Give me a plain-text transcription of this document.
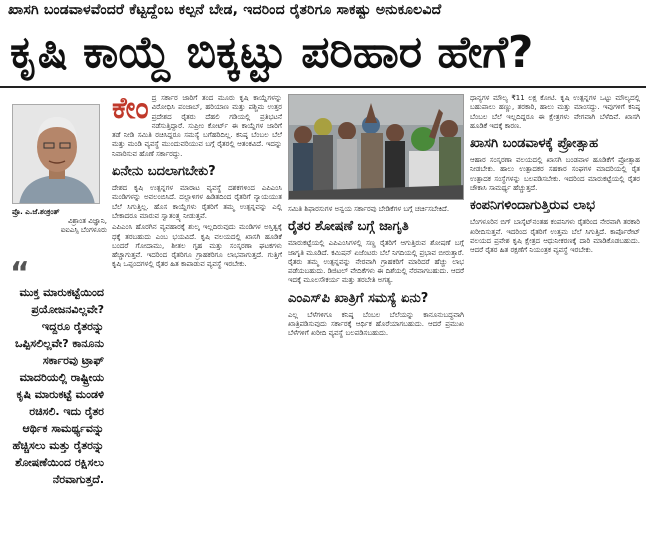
ಖಾಸಗಿ ಬಂಡವಾಳವೆಂದರೆ ಕೆಟ್ಟದ್ದೆಂಬ ಕಲ್ಪನೆ ಬೇಡ, ಇದರಿಂದ ರೈತರಿಗೂ ಸಾಕಷ್ಟು ಅನುಕೂಲವಿದೆ
ಕೃಷಿ ಕಾಯ್ದೆ ಬಿಕ್ಕಟ್ಟು ಪರಿಹಾರ ಹೇಗೆ?
ಪ್ರೊ. ಎ.ಜೆ.ಶಂಕ್ರಂತ್
ವಿಶ್ರಾಂತ ವಿಜ್ಞಾನಿ,
ಐಐಎಸ್ಸಿ ಬೆಂಗಳೂರು
“
ಮುಕ್ತ ಮಾರುಕಟ್ಟೆಯಿಂದ ಪ್ರಯೋಜನವಿಲ್ಲವೇ? ಇದ್ದರೂ ರೈತರನ್ನು ಒಪ್ಪಿಸಲಿಲ್ಲವೇ? ಕಾನೂನು ಸರ್ಕಾರವು ಟ್ರಾಫ್ ಮಾದರಿಯಲ್ಲಿ ರಾಷ್ಟ್ರೀಯ ಕೃಷಿ ಮಾರುಕಟ್ಟೆ ಮಂಡಳಿ ರಚಿಸಲಿ. ಇದು ರೈತರ ಆರ್ಥಿಕ ಸಾಮರ್ಥ್ಯವನ್ನು ಹೆಚ್ಚಿಸಲು ಮತ್ತು ರೈತರನ್ನು ಶೋಷಣೆಯಿಂದ ರಕ್ಷಿಸಲು ನೆರವಾಗುತ್ತದೆ.
ಕೇಂ ದ್ರ ಸರ್ಕಾರ ಜಾರಿಗೆ ತಂದ ಮೂರು ಕೃಷಿ ಕಾಯ್ದೆಗಳನ್ನು ವಿರೋಧಿಸಿ ಪಂಜಾಬ್, ಹರಿಯಾಣ ಮತ್ತು ಪಶ್ಚಿಮ ಉತ್ತರ ಪ್ರದೇಶದ ರೈತರು ದೆಹಲಿ ಗಡಿಯಲ್ಲಿ ಪ್ರತಿಭಟನೆ ನಡೆಸುತ್ತಿದ್ದಾರೆ. ಸುಪ್ರೀಂ ಕೋರ್ಟ್ ಈ ಕಾಯ್ದೆಗಳ ಜಾರಿಗೆ ತಡೆ ನೀಡಿ ಸಮಿತಿ ರಚಿಸಿದ್ದರೂ ಸಮಸ್ಯೆ ಬಗೆಹರಿದಿಲ್ಲ. ಕನಿಷ್ಠ ಬೆಂಬಲ ಬೆಲೆ ಮತ್ತು ಮಂಡಿ ವ್ಯವಸ್ಥೆ ಮುಂದುವರಿಯುವ ಬಗ್ಗೆ ರೈತರಲ್ಲಿ ಆತಂಕವಿದೆ. ಇದನ್ನು ನಿವಾರಿಸುವ ಹೊಣೆ ಸರ್ಕಾರದ್ದು.
ಏನೇನು ಬದಲಾಗಬೇಕು?
ದೇಶದ ಕೃಷಿ ಉತ್ಪನ್ನಗಳ ಮಾರಾಟ ವ್ಯವಸ್ಥೆ ದಶಕಗಳಿಂದ ಎಪಿಎಂಸಿ ಮಂಡಿಗಳನ್ನು ಅವಲಂಬಿಸಿದೆ. ದಲ್ಲಾಳಿಗಳ ಹಿಡಿತದಿಂದ ರೈತರಿಗೆ ನ್ಯಾಯಯುತ ಬೆಲೆ ಸಿಗುತ್ತಿಲ್ಲ. ಹೊಸ ಕಾಯ್ದೆಗಳು ರೈತರಿಗೆ ತಮ್ಮ ಉತ್ಪನ್ನವನ್ನು ಎಲ್ಲಿ ಬೇಕಾದರೂ ಮಾರುವ ಸ್ವಾತಂತ್ರ್ಯ ನೀಡುತ್ತವೆ.
ಎಪಿಎಂಸಿ ಹೊರಗಿನ ವ್ಯವಹಾರಕ್ಕೆ ಶುಲ್ಕ ಇಲ್ಲದಿರುವುದು ಮಂಡಿಗಳ ಅಸ್ತಿತ್ವಕ್ಕೆ ಧಕ್ಕೆ ತರಬಹುದು ಎಂಬ ಭಯವಿದೆ. ಕೃಷಿ ವಲಯದಲ್ಲಿ ಖಾಸಗಿ ಹೂಡಿಕೆ ಬಂದರೆ ಗೋದಾಮು, ಶೀತಲ ಗೃಹ ಮತ್ತು ಸಂಸ್ಕರಣಾ ಘಟಕಗಳು ಹೆಚ್ಚಾಗುತ್ತವೆ. ಇದರಿಂದ ರೈತರಿಗೂ ಗ್ರಾಹಕರಿಗೂ ಲಾಭವಾಗುತ್ತದೆ. ಗುತ್ತಿಗೆ ಕೃಷಿ ಒಪ್ಪಂದಗಳಲ್ಲಿ ರೈತರ ಹಿತ ಕಾಪಾಡುವ ವ್ಯವಸ್ಥೆ ಇರಬೇಕು.
ಸಮಿತಿ ಶಿಫಾರಸುಗಳ ಅನ್ವಯ ಸರ್ಕಾರವು ಬೇಡಿಕೆಗಳ ಬಗ್ಗೆ ಚರ್ಚಿಸಬೇಕಿದೆ.
ರೈತರ ಶೋಷಣೆ ಬಗ್ಗೆ ಜಾಗೃತಿ
ಮಾರುಕಟ್ಟೆಯಲ್ಲಿ ಎಪಿಎಂಸಿಗಳಲ್ಲಿ ಸಣ್ಣ ರೈತರಿಗೆ ಆಗುತ್ತಿರುವ ಶೋಷಣೆ ಬಗ್ಗೆ ಜಾಗೃತಿ ಮೂಡಿದೆ. ಕಮಿಷನ್ ಏಜೆಂಟರು ಬೆಲೆ ನಿಗದಿಯಲ್ಲಿ ಪ್ರಭಾವ ಬೀರುತ್ತಾರೆ. ರೈತರು ತಮ್ಮ ಉತ್ಪನ್ನವನ್ನು ನೇರವಾಗಿ ಗ್ರಾಹಕರಿಗೆ ಮಾರಿದರೆ ಹೆಚ್ಚು ಲಾಭ ಪಡೆಯಬಹುದು. ಡಿಜಿಟಲ್ ವೇದಿಕೆಗಳು ಈ ದಿಶೆಯಲ್ಲಿ ನೆರವಾಗಬಹುದು. ಆದರೆ ಇದಕ್ಕೆ ಮೂಲಸೌಕರ್ಯ ಮತ್ತು ತರಬೇತಿ ಅಗತ್ಯ.
ಎಂಎಸ್‌ಪಿ ಖಾತ್ರಿಗೆ ಸಮಸ್ಯೆ ಏನು?
ಎಲ್ಲ ಬೆಳೆಗಳಿಗೂ ಕನಿಷ್ಠ ಬೆಂಬಲ ಬೆಲೆಯನ್ನು ಕಾನೂನುಬದ್ಧವಾಗಿ ಖಾತ್ರಿಪಡಿಸುವುದು ಸರ್ಕಾರಕ್ಕೆ ಆರ್ಥಿಕ ಹೊರೆಯಾಗಬಹುದು. ಆದರೆ ಪ್ರಮುಖ ಬೆಳೆಗಳಿಗೆ ಖರೀದಿ ವ್ಯವಸ್ಥೆ ಬಲಪಡಿಸಬಹುದು.
ಧಾನ್ಯಗಳ ಮೌಲ್ಯ ₹11 ಲಕ್ಷ ಕೋಟಿ. ಕೃಷಿ ಉತ್ಪನ್ನಗಳ ಒಟ್ಟು ಮೌಲ್ಯದಲ್ಲಿ ಬಹುಪಾಲು ಹಣ್ಣು, ತರಕಾರಿ, ಹಾಲು ಮತ್ತು ಮಾಂಸದ್ದು. ಇವುಗಳಿಗೆ ಕನಿಷ್ಠ ಬೆಂಬಲ ಬೆಲೆ ಇಲ್ಲದಿದ್ದರೂ ಈ ಕ್ಷೇತ್ರಗಳು ವೇಗವಾಗಿ ಬೆಳೆದಿವೆ. ಖಾಸಗಿ ಹೂಡಿಕೆ ಇದಕ್ಕೆ ಕಾರಣ.
ಖಾಸಗಿ ಬಂಡವಾಳಕ್ಕೆ ಪ್ರೋತ್ಸಾಹ
ಆಹಾರ ಸಂಸ್ಕರಣಾ ವಲಯದಲ್ಲಿ ಖಾಸಗಿ ಬಂಡವಾಳ ಹೂಡಿಕೆಗೆ ಪ್ರೋತ್ಸಾಹ ನೀಡಬೇಕು. ಹಾಲು ಉತ್ಪಾದಕರ ಸಹಕಾರ ಸಂಘಗಳ ಮಾದರಿಯಲ್ಲಿ ರೈತ ಉತ್ಪಾದಕ ಸಂಸ್ಥೆಗಳನ್ನು ಬಲಪಡಿಸಬೇಕು. ಇದರಿಂದ ಮಾರುಕಟ್ಟೆಯಲ್ಲಿ ರೈತರ ಚೌಕಾಸಿ ಸಾಮರ್ಥ್ಯ ಹೆಚ್ಚುತ್ತದೆ.
ಕಂಪನಿಗಳಿಂದಾಗುತ್ತಿರುವ ಲಾಭ
ಬೆಂಗಳೂರಿನ ಬಿಗ್ ಬಾಸ್ಕೆಟ್‌ನಂತಹ ಕಂಪನಿಗಳು ರೈತರಿಂದ ನೇರವಾಗಿ ತರಕಾರಿ ಖರೀದಿಸುತ್ತವೆ. ಇದರಿಂದ ರೈತರಿಗೆ ಉತ್ತಮ ಬೆಲೆ ಸಿಗುತ್ತಿದೆ. ಕಾರ್ಪೊರೇಟ್ ವಲಯದ ಪ್ರವೇಶ ಕೃಷಿ ಕ್ಷೇತ್ರದ ಆಧುನೀಕರಣಕ್ಕೆ ದಾರಿ ಮಾಡಿಕೊಡಬಹುದು. ಆದರೆ ರೈತರ ಹಿತ ರಕ್ಷಣೆಗೆ ನಿಯಂತ್ರಕ ವ್ಯವಸ್ಥೆ ಇರಬೇಕು.
